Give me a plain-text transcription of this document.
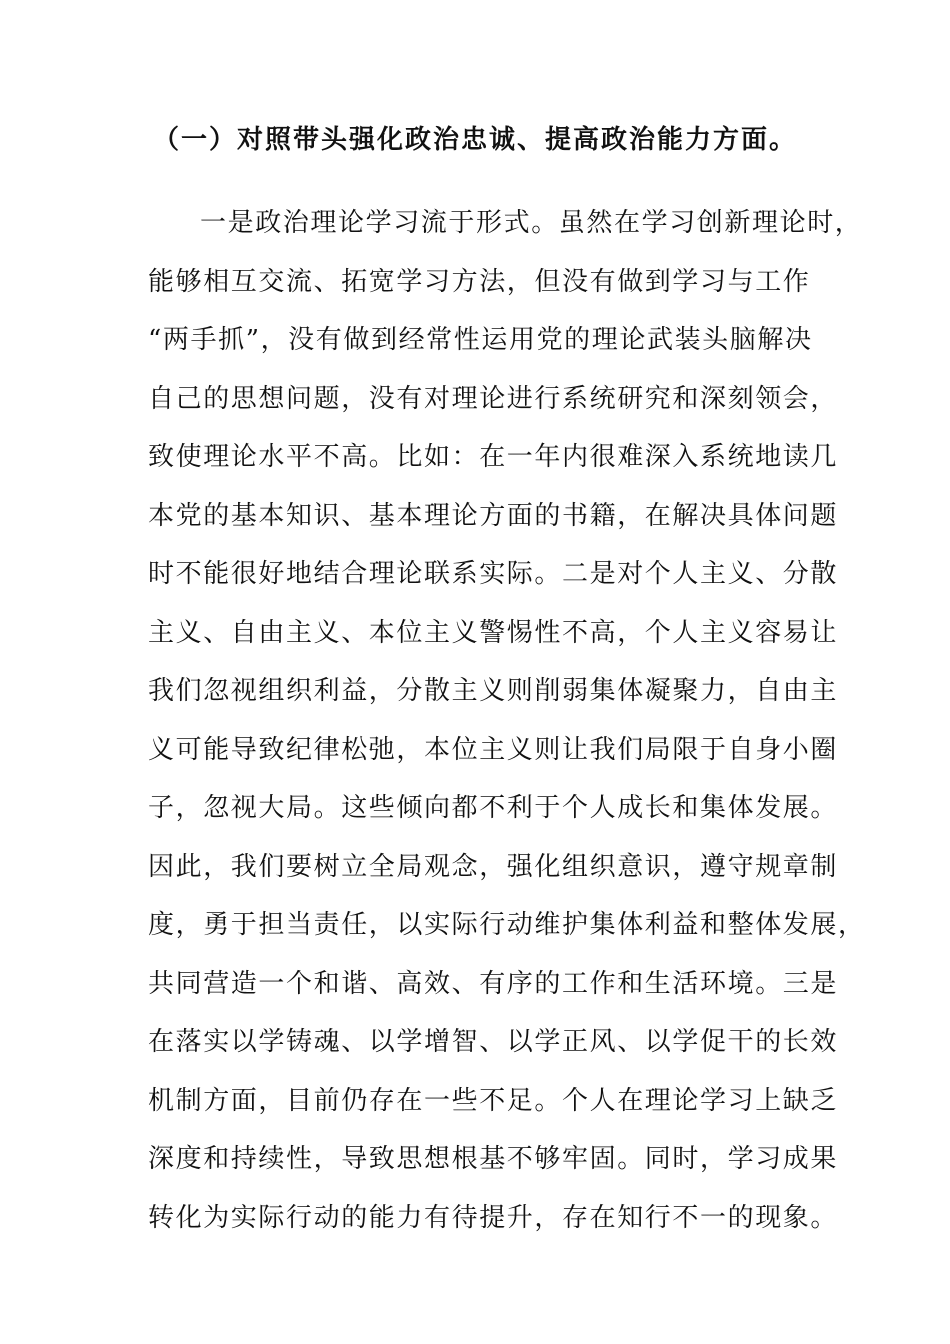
（一）对照带头强化政治忠诚、提高政治能力方面。
一是政治理论学习流于形式。虽然在学习创新理论时，
能够相互交流、拓宽学习方法，但没有做到学习与工作
“两手抓”，没有做到经常性运用党的理论武装头脑解决
自己的思想问题，没有对理论进行系统研究和深刻领会，
致使理论水平不高。比如：在一年内很难深入系统地读几
本党的基本知识、基本理论方面的书籍，在解决具体问题
时不能很好地结合理论联系实际。二是对个人主义、分散
主义、自由主义、本位主义警惕性不高，个人主义容易让
我们忽视组织利益，分散主义则削弱集体凝聚力，自由主
义可能导致纪律松弛，本位主义则让我们局限于自身小圈
子，忽视大局。这些倾向都不利于个人成长和集体发展。
因此，我们要树立全局观念，强化组织意识，遵守规章制
度，勇于担当责任，以实际行动维护集体利益和整体发展，
共同营造一个和谐、高效、有序的工作和生活环境。三是
在落实以学铸魂、以学增智、以学正风、以学促干的长效
机制方面，目前仍存在一些不足。个人在理论学习上缺乏
深度和持续性，导致思想根基不够牢固。同时，学习成果
转化为实际行动的能力有待提升，存在知行不一的现象。
